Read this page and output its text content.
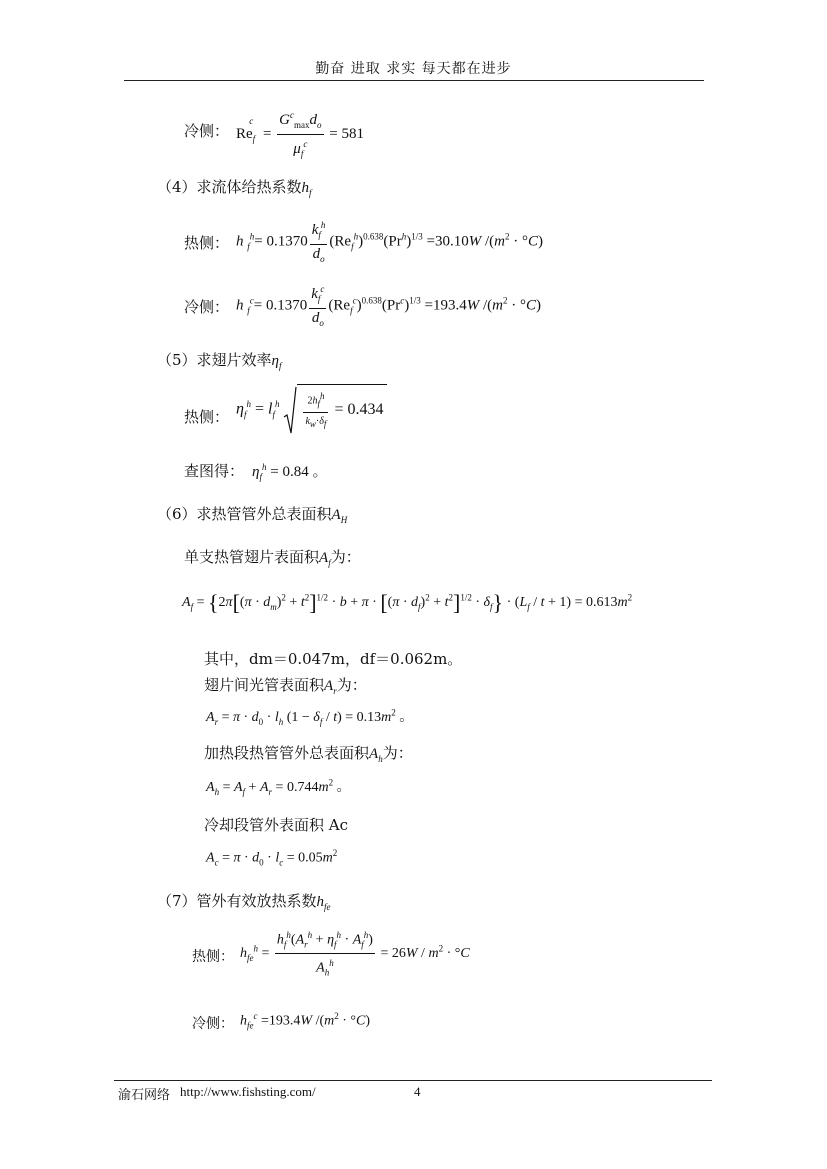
勤奋 进取 求实 每天都在进步
冷侧： $Re_f^c$ =
$G^c_{max}d_o$
$\mu_f^c$
= 581
（4）求流体给热系数$h_f$
热侧： h $_f^h$= 0.1370
$k_f^h$
$d_o$
$(Re_f^h)^{0.638}(Pr^h)^{1/3} =30.10W$ $/(m^2 \cdot ^\circ C)$
冷侧： h $_f^c$= 0.1370
$k_f^c$
$d_o$
$(Re_f^c)^{0.638}(Pr^c)^{1/3} =193.4W$ $/(m^2 \cdot ^\circ C)$
（5）求翅片效率$\eta_f$
热侧： $\eta_f^h = l_f^h$	$2h_f^h$
$k_w\cdot\delta_f$
= 0.434
查图得： $\eta_f^h = 0.84$ 。
（6）求热管管外总表面积$A_H$
单支热管翅片表面积$A_f$为：
$A_f = \{2\pi[(\pi \cdot d_m)^2 + t^2]^{1/2} \cdot b + \pi \cdot [(\pi \cdot d_f)^2 + t^2]^{1/2} \cdot \delta_f\} \cdot (L_f / t + 1) = 0.613m^2$
其中，dm＝0.047m，df＝0.062m。
翅片间光管表面积$A_r$为：
$A_r = \pi \cdot d_0 \cdot l_h$ $(1 - \delta_f / t) = 0.13m^2$ 。
加热段热管管外总表面积$A_h$为：
$A_h = A_f + A_r = 0.744m^2$ 。
冷却段管外表面积 Ac
$A_c = \pi \cdot d_0 \cdot l_c = 0.05m^2$
（7）管外有效放热系数$h_{fe}$
热侧： $h_{fe}^h$ =
$h_f^h(A_r^h + \eta_f^h \cdot A_f^h)$
$A_h^h$
= $26W / m^2 \cdot ^\circ C$
冷侧： $h_{fe}^c =193.4W$ $/(m^2 \cdot ^\circ C)$
渝石网络 http://www.fishsting.com/	4
